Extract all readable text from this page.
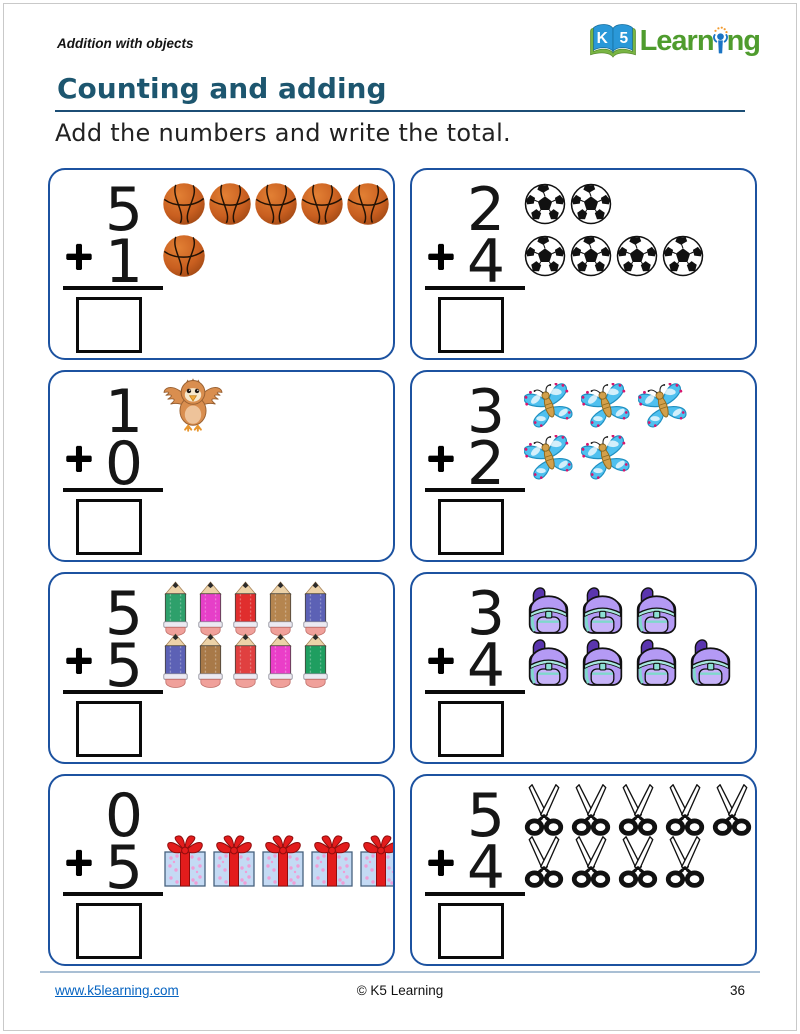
Addition with objects	K 5 Learn ng
Counting and adding
Add the numbers and write the total.
5
+ 1
2
+ 4
1
+ 0
3
+ 2
5
+ 5
3
+ 4
0
+ 5
5
+ 4
www.k5learning.com	© K5 Learning	36
